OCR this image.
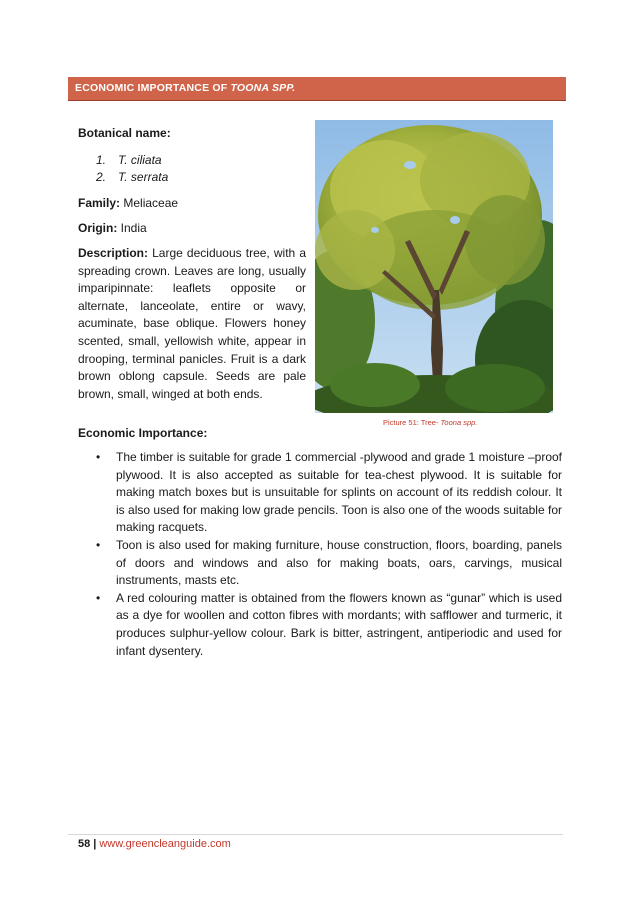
ECONOMIC IMPORTANCE OF TOONA SPP.
Botanical name:
1. T. ciliata
2. T. serrata
Family: Meliaceae
Origin: India
Description: Large deciduous tree, with a spreading crown. Leaves are long, usually imparipinnate: leaflets opposite or alternate, lanceolate, entire or wavy, acuminate, base oblique. Flowers honey scented, small, yellowish white, appear in drooping, terminal panicles. Fruit is a dark brown oblong capsule. Seeds are pale brown, small, winged at both ends.
Picture 51: Tree- Toona spp.
Economic Importance:
• The timber is suitable for grade 1 commercial -plywood and grade 1 moisture –proof plywood. It is also accepted as suitable for tea-chest plywood. It is suitable for making match boxes but is unsuitable for splints on account of its reddish colour. It is also used for making low grade pencils. Toon is also one of the woods suitable for making racquets.
• Toon is also used for making furniture, house construction, floors, boarding, panels of doors and windows and also for making boats, oars, carvings, musical instruments, masts etc.
• A red colouring matter is obtained from the flowers known as “gunar” which is used as a dye for woollen and cotton fibres with mordants; with safflower and turmeric, it produces sulphur-yellow colour. Bark is bitter, astringent, antiperiodic and used for infant dysentery.
58 | www.greencleanguide.com
